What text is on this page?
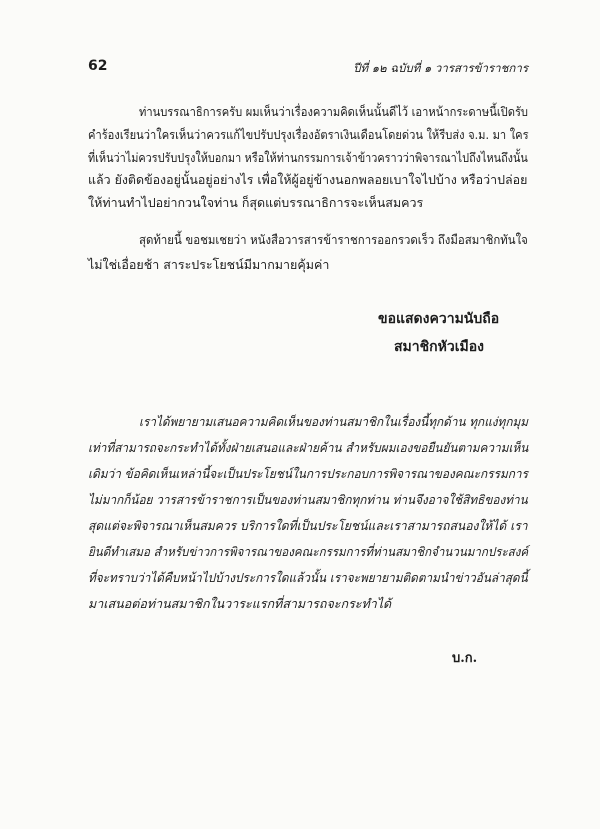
62	ปีที่ ๑๒ ฉบับที่ ๑ วารสารข้าราชการ
ท่านบรรณาธิการครับ ผมเห็นว่าเรื่องความคิดเห็นนั้นดีไว้ เอาหน้ากระดาษนี้เปิดรับ
คำร้องเรียนว่าใครเห็นว่าควรแก้ไขปรับปรุงเรื่องอัตราเงินเดือนโดยด่วน ให้รีบส่ง จ.ม. มา ใคร
ที่เห็นว่าไม่ควรปรับปรุงให้บอกมา หรือให้ท่านกรรมการเจ้าข้าวคราวว่าพิจารณาไปถึงไหนถึงนั้น
แล้ว ยังติดข้องอยู่นั้นอยู่อย่างไร เพื่อให้ผู้อยู่ข้างนอกพลอยเบาใจไปบ้าง หรือว่าปล่อย
ให้ท่านทำไปอย่ากวนใจท่าน ก็สุดแต่บรรณาธิการจะเห็นสมควร
สุดท้ายนี้ ขอชมเชยว่า หนังสือวารสารข้าราชการออกรวดเร็ว ถึงมือสมาชิกทันใจ
ไม่ใช่เอื่อยช้า สาระประโยชน์มีมากมายคุ้มค่า
ขอแสดงความนับถือ
สมาชิกหัวเมือง
เราได้พยายามเสนอความคิดเห็นของท่านสมาชิกในเรื่องนี้ทุกด้าน ทุกแง่ทุกมุม
เท่าที่สามารถจะกระทำได้ทั้งฝ่ายเสนอและฝ่ายค้าน สำหรับผมเองขอยืนยันตามความเห็น
เดิมว่า ข้อคิดเห็นเหล่านี้จะเป็นประโยชน์ในการประกอบการพิจารณาของคณะกรรมการ
ไม่มากก็น้อย วารสารข้าราชการเป็นของท่านสมาชิกทุกท่าน ท่านจึงอาจใช้สิทธิของท่าน
สุดแต่จะพิจารณาเห็นสมควร บริการใดที่เป็นประโยชน์และเราสามารถสนองให้ได้ เรา
ยินดีทำเสมอ สำหรับข่าวการพิจารณาของคณะกรรมการที่ท่านสมาชิกจำนวนมากประสงค์
ที่จะทราบว่าได้คืบหน้าไปบ้างประการใดแล้วนั้น เราจะพยายามติดตามนำข่าวอันล่าสุดนี้
มาเสนอต่อท่านสมาชิกในวาระแรกที่สามารถจะกระทำได้
บ.ก.
